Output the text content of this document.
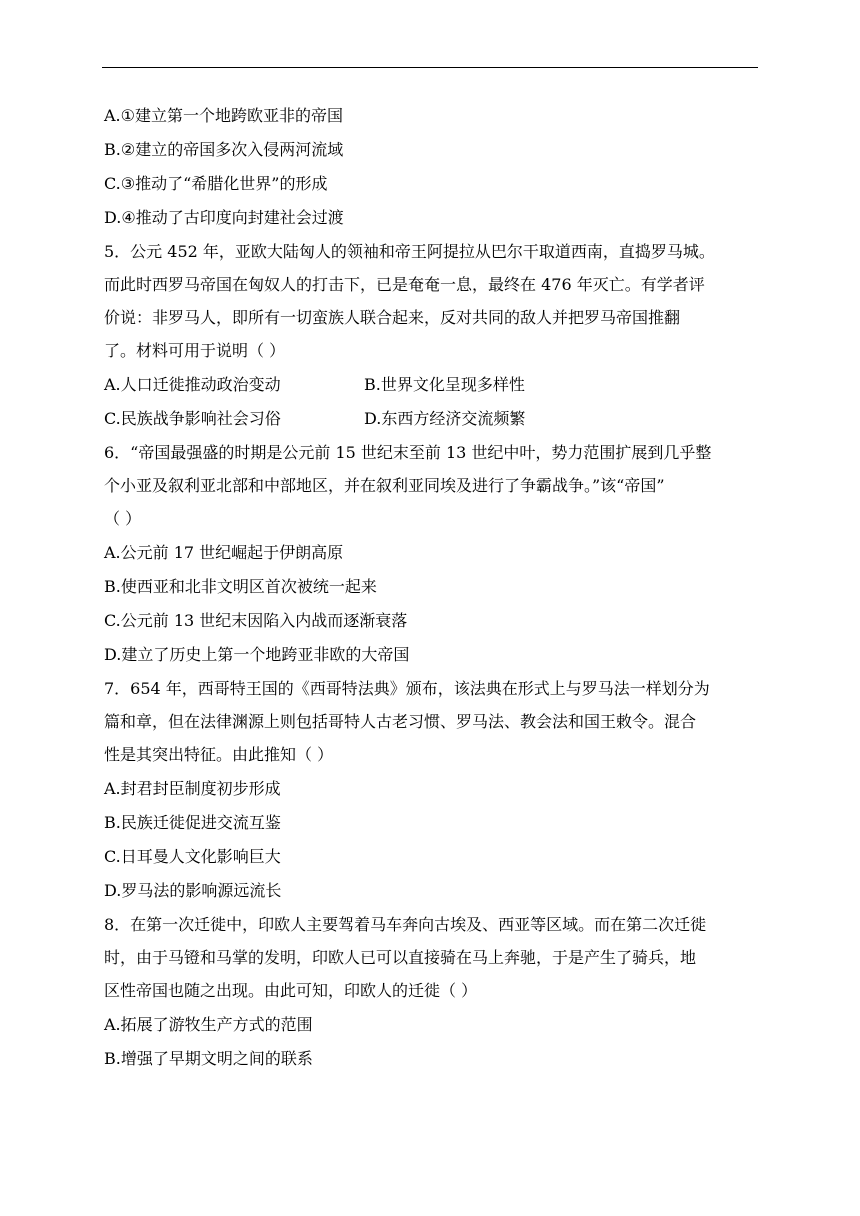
A.①建立第一个地跨欧亚非的帝国
B.②建立的帝国多次入侵两河流域
C.③推动了“希腊化世界”的形成
D.④推动了古印度向封建社会过渡
5．公元 452 年，亚欧大陆匈人的领袖和帝王阿提拉从巴尔干取道西南，直捣罗马城。
而此时西罗马帝国在匈奴人的打击下，已是奄奄一息，最终在 476 年灭亡。有学者评
价说：非罗马人，即所有一切蛮族人联合起来，反对共同的敌人并把罗马帝国推翻
了。材料可用于说明（ ）
A.人口迁徙推动政治变动	B.世界文化呈现多样性
C.民族战争影响社会习俗	D.东西方经济交流频繁
6．“帝国最强盛的时期是公元前 15 世纪末至前 13 世纪中叶，势力范围扩展到几乎整
个小亚及叙利亚北部和中部地区，并在叙利亚同埃及进行了争霸战争。”该“帝国”
（ ）
A.公元前 17 世纪崛起于伊朗高原
B.使西亚和北非文明区首次被统一起来
C.公元前 13 世纪末因陷入内战而逐渐衰落
D.建立了历史上第一个地跨亚非欧的大帝国
7．654 年，西哥特王国的《西哥特法典》颁布，该法典在形式上与罗马法一样划分为
篇和章，但在法律渊源上则包括哥特人古老习惯、罗马法、教会法和国王敕令。混合
性是其突出特征。由此推知（ ）
A.封君封臣制度初步形成
B.民族迁徙促进交流互鉴
C.日耳曼人文化影响巨大
D.罗马法的影响源远流长
8．在第一次迁徙中，印欧人主要驾着马车奔向古埃及、西亚等区域。而在第二次迁徙
时，由于马镫和马掌的发明，印欧人已可以直接骑在马上奔驰，于是产生了骑兵，地
区性帝国也随之出现。由此可知，印欧人的迁徙（ ）
A.拓展了游牧生产方式的范围
B.增强了早期文明之间的联系
